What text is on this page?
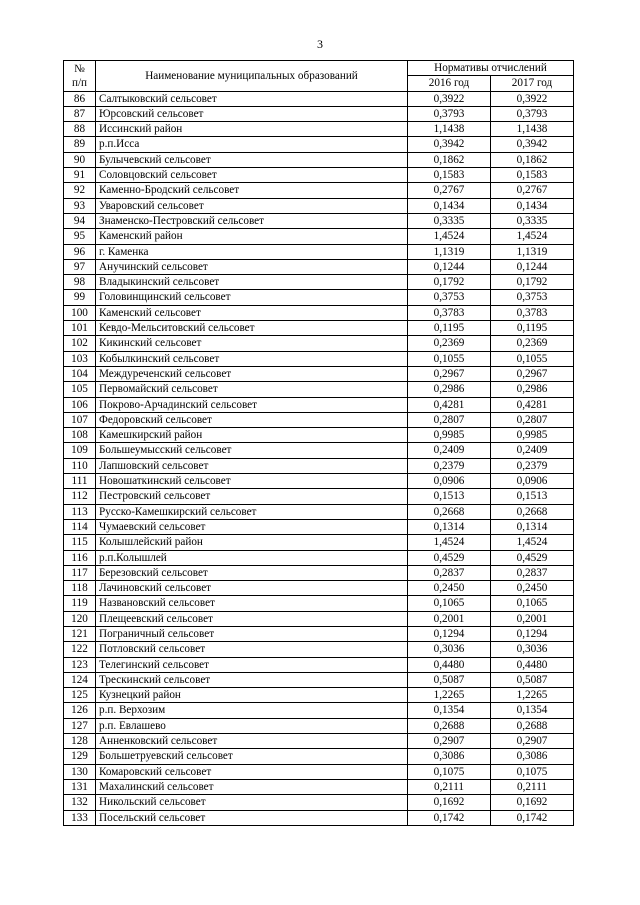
3
№
п/п	Наименование муниципальных образований	Нормативы отчислений	
		2016 год	2017 год
86	Салтыковский сельсовет	0,3922	0,3922
87	Юрсовский сельсовет	0,3793	0,3793
88	Иссинский район	1,1438	1,1438
89	р.п.Исса	0,3942	0,3942
90	Булычевский сельсовет	0,1862	0,1862
91	Соловцовский сельсовет	0,1583	0,1583
92	Каменно-Бродский сельсовет	0,2767	0,2767
93	Уваровский сельсовет	0,1434	0,1434
94	Знаменско-Пестровский сельсовет	0,3335	0,3335
95	Каменский район	1,4524	1,4524
96	г. Каменка	1,1319	1,1319
97	Анучинский сельсовет	0,1244	0,1244
98	Владыкинский сельсовет	0,1792	0,1792
99	Головинщинский сельсовет	0,3753	0,3753
100	Каменский сельсовет	0,3783	0,3783
101	Кевдо-Мельситовский сельсовет	0,1195	0,1195
102	Кикинский сельсовет	0,2369	0,2369
103	Кобылкинский сельсовет	0,1055	0,1055
104	Междуреченский сельсовет	0,2967	0,2967
105	Первомайский сельсовет	0,2986	0,2986
106	Покрово-Арчадинский сельсовет	0,4281	0,4281
107	Федоровский сельсовет	0,2807	0,2807
108	Камешкирский район	0,9985	0,9985
109	Большеумысский сельсовет	0,2409	0,2409
110	Лапшовский сельсовет	0,2379	0,2379
111	Новошаткинский сельсовет	0,0906	0,0906
112	Пестровский сельсовет	0,1513	0,1513
113	Русско-Камешкирский сельсовет	0,2668	0,2668
114	Чумаевский сельсовет	0,1314	0,1314
115	Колышлейский район	1,4524	1,4524
116	р.п.Колышлей	0,4529	0,4529
117	Березовский сельсовет	0,2837	0,2837
118	Лачиновский сельсовет	0,2450	0,2450
119	Названовский сельсовет	0,1065	0,1065
120	Плещеевский сельсовет	0,2001	0,2001
121	Пограничный сельсовет	0,1294	0,1294
122	Потловский сельсовет	0,3036	0,3036
123	Телегинский сельсовет	0,4480	0,4480
124	Трескинский сельсовет	0,5087	0,5087
125	Кузнецкий район	1,2265	1,2265
126	р.п. Верхозим	0,1354	0,1354
127	р.п. Евлашево	0,2688	0,2688
128	Анненковский сельсовет	0,2907	0,2907
129	Большетруевский сельсовет	0,3086	0,3086
130	Комаровский сельсовет	0,1075	0,1075
131	Махалинский сельсовет	0,2111	0,2111
132	Никольский сельсовет	0,1692	0,1692
133	Посельский сельсовет	0,1742	0,1742
